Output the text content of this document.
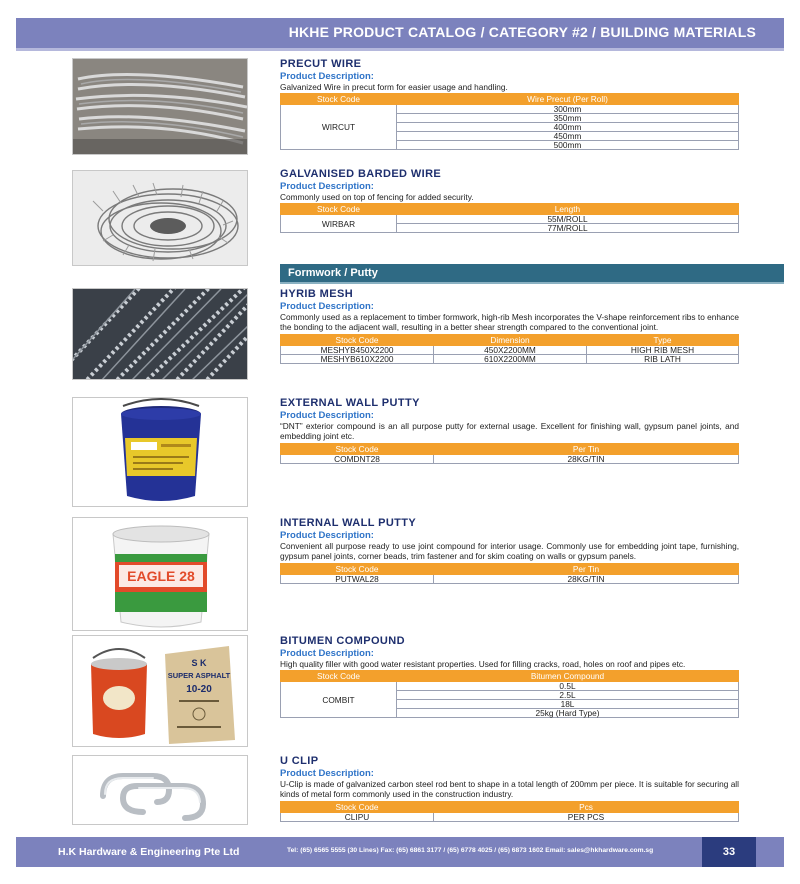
HKHE PRODUCT CATALOG / CATEGORY #2 / BUILDING MATERIALS
PRECUT WIRE
Product Description:
Galvanized Wire in precut form for easier usage and handling.
Stock Code	Wire Precut (Per Roll)
WIRCUT	300mm
	350mm
	400mm
	450mm
	500mm
GALVANISED BARDED WIRE
Product Description:
Commonly used on top of fencing for added security.
Stock Code	Length
WIRBAR	55M/ROLL
	77M/ROLL
Formwork / Putty
HYRIB MESH
Product Description:
Commonly used as a replacement to timber formwork, high-rib Mesh incorporates the V-shape reinforcement ribs to enhance the bonding to the adjacent wall, resulting in a better shear strength compared to the conventional joint.
Stock Code	Dimension	Type
MESHYB450X2200	450X2200MM	HIGH RIB MESH
MESHYB610X2200	610X2200MM	RIB LATH
EXTERNAL WALL PUTTY
Product Description:
“DNT” exterior compound is an all purpose putty for external usage. Excellent for finishing wall, gypsum panel joints, and embedding joint etc.
Stock Code	Per Tin
COMDNT28	28KG/TIN
EAGLE 28
INTERNAL WALL PUTTY
Product Description:
Convenient all purpose ready to use joint compound for interior usage. Commonly use for embedding joint tape, furnishing, gypsum panel joints, corner beads, trim fastener and for skim coating on walls or gypsum panels.
Stock Code	Per Tin
PUTWAL28	28KG/TIN
S K
SUPER ASPHALT
10-20
BITUMEN COMPOUND
Product Description:
High quality filler with good water resistant properties. Used for filling cracks, road, holes on roof and pipes etc.
Stock Code	Bitumen Compound
COMBIT	0.5L
	2.5L
	18L
	25kg (Hard Type)
U CLIP
Product Description:
U-Clip is made of galvanized carbon steel rod bent to shape in a total length of 200mm per piece. It is suitable for securing all kinds of metal form commonly used in the construction industry.
Stock Code	Pcs
CLIPU	PER PCS
H.K Hardware & Engineering Pte Ltd	Tel: (65) 6565 5555 (30 Lines) Fax: (65) 6861 3177 / (65) 6778 4025 / (65) 6873 1602 Email: sales@hkhardware.com.sg	33
